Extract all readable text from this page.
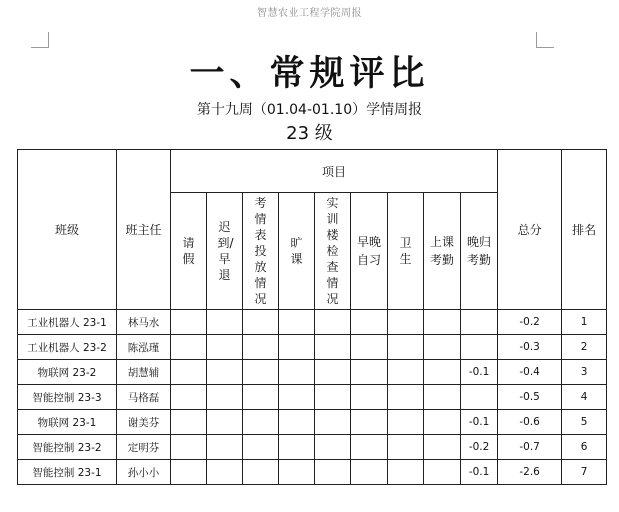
智慧农业工程学院周报
一、常规评比
第十九周（01.04-01.10）学情周报
23 级
班级	班主任	项目									总分	排名
		请假	迟到/早退	考情表投放情况	旷课	实训楼检查情况	早晚自习	卫生	上课考勤	晚归考勤		
工业机器人 23-1	林马水										-0.2	1
工业机器人 23-2	陈泓瑾										-0.3	2
物联网 23-2	胡慧辅									-0.1	-0.4	3
智能控制 23-3	马格磊										-0.5	4
物联网 23-1	谢美芬									-0.1	-0.6	5
智能控制 23-2	定明芬									-0.2	-0.7	6
智能控制 23-1	孙小小									-0.1	-2.6	7
